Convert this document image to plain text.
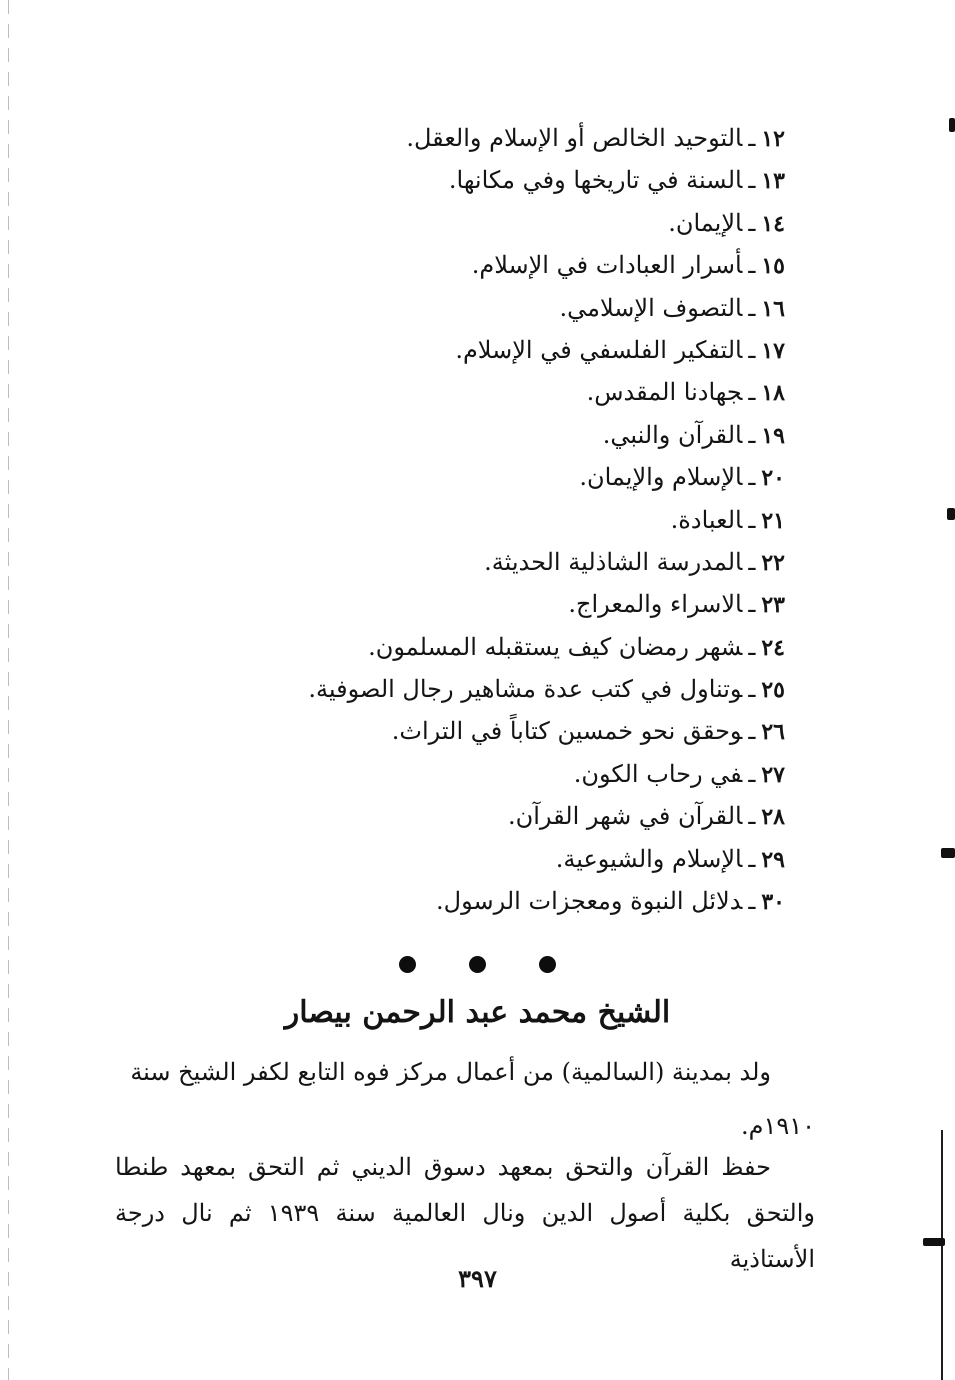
١٢ـالتوحيد الخالص أو الإسلام والعقل.
١٣ـالسنة في تاريخها وفي مكانها.
١٤ـالإيمان.
١٥ـأسرار العبادات في الإسلام.
١٦ـالتصوف الإسلامي.
١٧ـالتفكير الفلسفي في الإسلام.
١٨ـجهادنا المقدس.
١٩ـالقرآن والنبي.
٢٠ـالإسلام والإيمان.
٢١ـالعبادة.
٢٢ـالمدرسة الشاذلية الحديثة.
٢٣ـالاسراء والمعراج.
٢٤ـشهر رمضان كيف يستقبله المسلمون.
٢٥ـوتناول في كتب عدة مشاهير رجال الصوفية.
٢٦ـوحقق نحو خمسين كتاباً في التراث.
٢٧ـفي رحاب الكون.
٢٨ـالقرآن في شهر القرآن.
٢٩ـالإسلام والشيوعية.
٣٠ـدلائل النبوة ومعجزات الرسول.

الشيخ محمد عبد الرحمن بيصار

ولد بمدينة (السالمية) من أعمال مركز فوه التابع لكفر الشيخ سنة

١٩١٠م.

حفظ القرآن والتحق بمعهد دسوق الديني ثم التحق بمعهد طنطا والتحق بكلية أصول الدين ونال العالمية سنة ١٩٣٩ ثم نال درجة الأستاذية

٣٩٧
